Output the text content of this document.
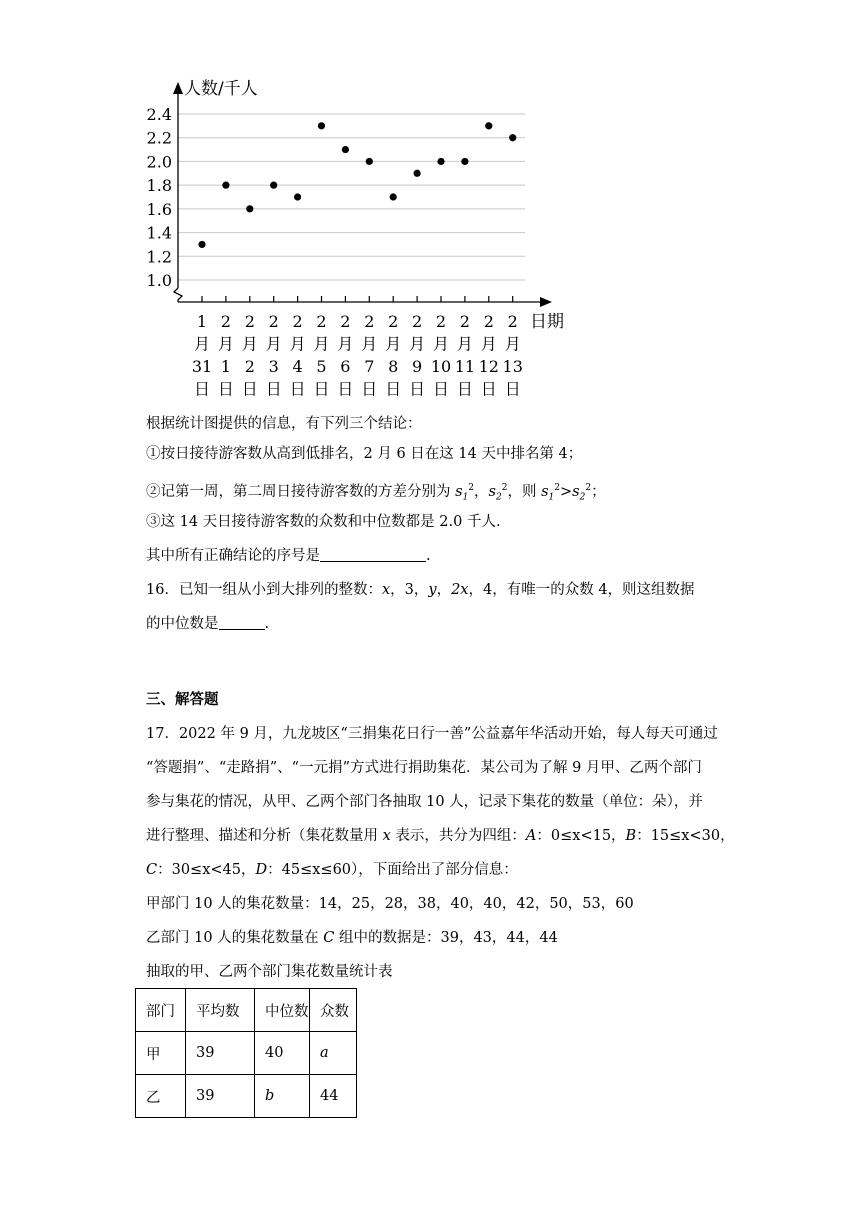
1.0
1.2
1.4
1.6
1.8
2.0
2.2
2.4
1
月
31
日
2
月
1
日
2
月
2
日
2
月
3
日
2
月
4
日
2
月
5
日
2
月
6
日
2
月
7
日
2
月
8
日
2
月
9
日
2
月
10
日
2
月
11
日
2
月
12
日
2
月
13
日
人数/千人
日期
根据统计图提供的信息，有下列三个结论：
①按日接待游客数从高到低排名，2 月 6 日在这 14 天中排名第 4；
②记第一周，第二周日接待游客数的方差分别为 $s_1^2$，$s_2^2$，则 $s_1^2>s_2^2$；
③这 14 天日接待游客数的众数和中位数都是 2.0 千人.
其中所有正确结论的序号是	.
16．已知一组从小到大排列的整数：x，3，y，2x，4，有唯一的众数 4，则这组数据
的中位数是	.
三、解答题
17．2022 年 9 月，九龙坡区“三捐集花日行一善”公益嘉年华活动开始，每人每天可通过
“答题捐”、“走路捐”、“一元捐”方式进行捐助集花．某公司为了解 9 月甲、乙两个部门
参与集花的情况，从甲、乙两个部门各抽取 10 人，记录下集花的数量（单位：朵），并
进行整理、描述和分析（集花数量用 x 表示，共分为四组：A：0≤x<15，B：15≤x<30，
C：30≤x<45，D：45≤x≤60），下面给出了部分信息：
甲部门 10 人的集花数量：14，25，28，38，40，40，42，50，53，60
乙部门 10 人的集花数量在 C 组中的数据是：39，43，44，44
抽取的甲、乙两个部门集花数量统计表
部门	平均数	中位数	众数
甲	39	40	a
乙	39	b	44
